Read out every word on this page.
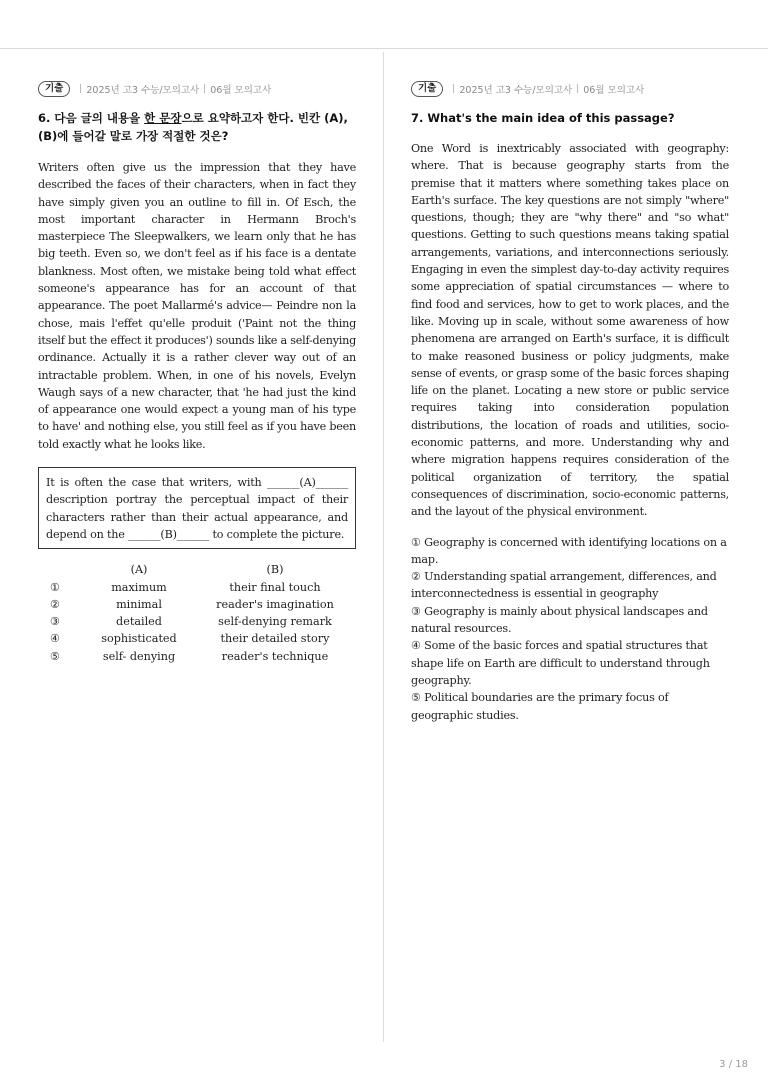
기출	2025년 고3 수능/모의고사 06월 모의고사
6. 다음 글의 내용을 한 문장으로 요약하고자 한다. 빈칸 (A), (B)에 들어갈 말로 가장 적절한 것은?
Writers often give us the impression that they have described the faces of their characters, when in fact they have simply given you an outline to fill in. Of Esch, the most important character in Hermann Broch's masterpiece The Sleepwalkers, we learn only that he has big teeth. Even so, we don't feel as if his face is a dentate blankness. Most often, we mistake being told what effect someone's appearance has for an account of that appearance. The poet Mallarmé's advice— Peindre non la chose, mais l'effet qu'elle produit ('Paint not the thing itself but the effect it produces') sounds like a self-denying ordinance. Actually it is a rather clever way out of an intractable problem. When, in one of his novels, Evelyn Waugh says of a new character, that 'he had just the kind of appearance one would expect a young man of his type to have' and nothing else, you still feel as if you have been told exactly what he looks like.
It is often the case that writers, with ______(A)______ description portray the perceptual impact of their characters rather than their actual appearance, and depend on the ______(B)______ to complete the picture.
	(A)	(B)
①	maximum	their final touch
②	minimal	reader's imagination
③	detailed	self-denying remark
④	sophisticated	their detailed story
⑤	self- denying	reader's technique
기출	2025년 고3 수능/모의고사 06월 모의고사
7. What's the main idea of this passage?
One Word is inextricably associated with geography: where. That is because geography starts from the premise that it matters where something takes place on Earth's surface. The key questions are not simply "where" questions, though; they are "why there" and "so what" questions. Getting to such questions means taking spatial arrangements, variations, and interconnections seriously. Engaging in even the simplest day-to-day activity requires some appreciation of spatial circumstances — where to find food and services, how to get to work places, and the like. Moving up in scale, without some awareness of how phenomena are arranged on Earth's surface, it is difficult to make reasoned business or policy judgments, make sense of events, or grasp some of the basic forces shaping life on the planet. Locating a new store or public service requires taking into consideration population distributions, the location of roads and utilities, socio-economic patterns, and more. Understanding why and where migration happens requires consideration of the political organization of territory, the spatial consequences of discrimination, socio-economic patterns, and the layout of the physical environment.
① Geography is concerned with identifying locations on a map.
② Understanding spatial arrangement, differences, and interconnectedness is essential in geography
③ Geography is mainly about physical landscapes and natural resources.
④ Some of the basic forces and spatial structures that shape life on Earth are difficult to understand through geography.
⑤ Political boundaries are the primary focus of geographic studies.
3 / 18
